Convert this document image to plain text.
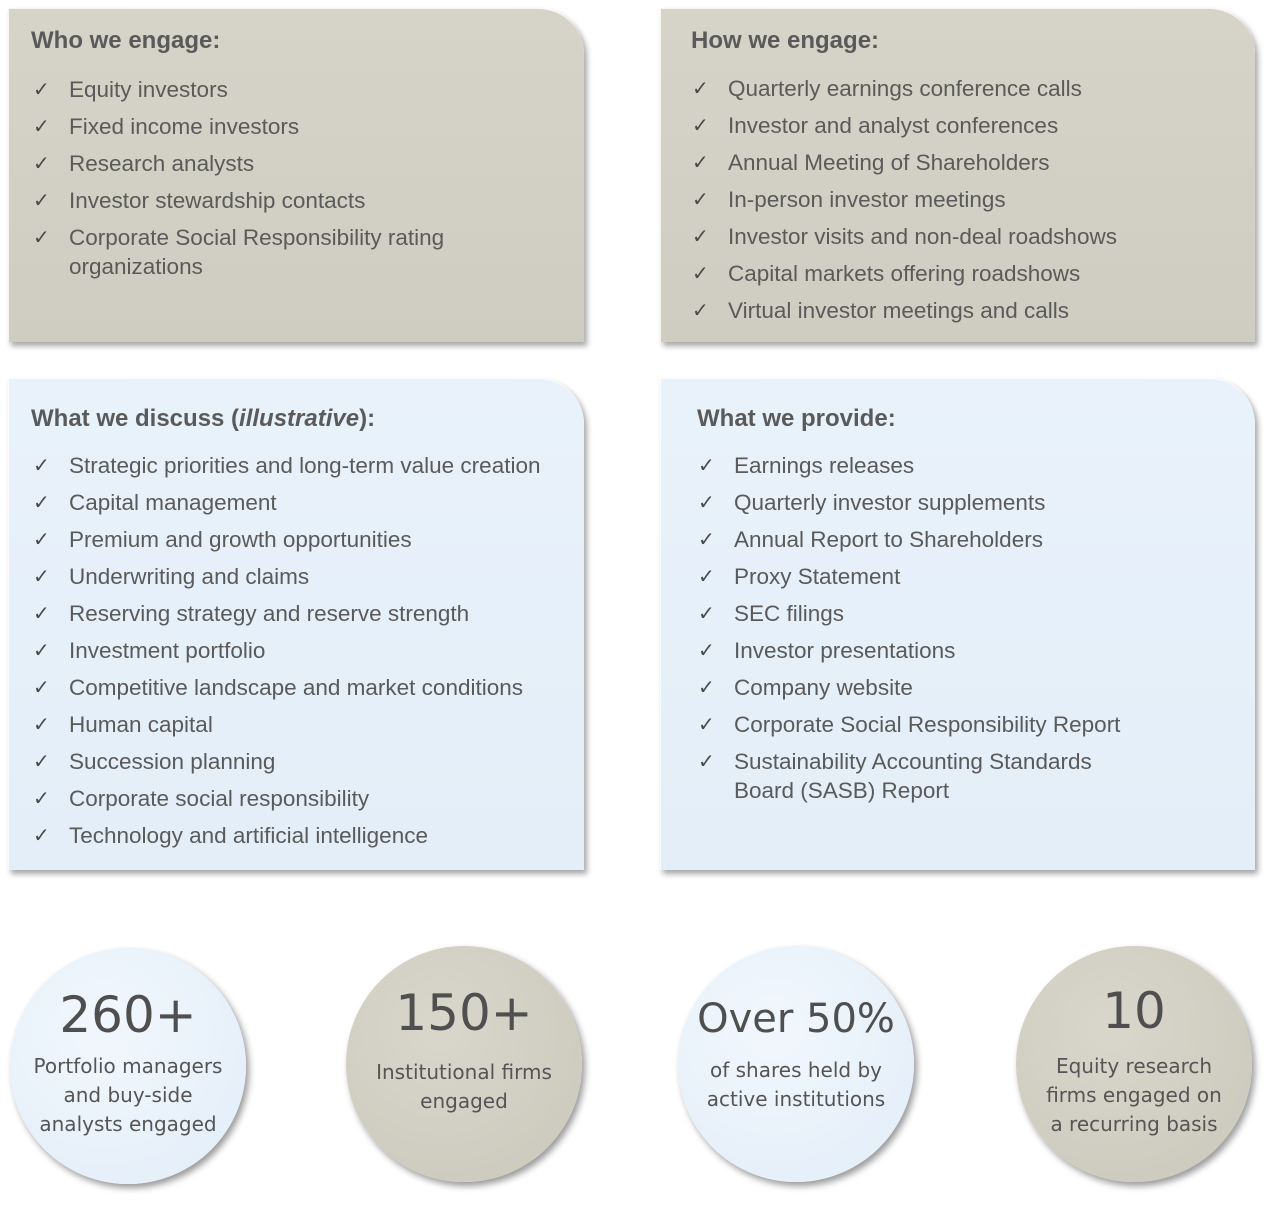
Who we engage:
✓ Equity investors
✓ Fixed income investors
✓ Research analysts
✓ Investor stewardship contacts
✓ Corporate Social Responsibility rating organizations
How we engage:
✓ Quarterly earnings conference calls
✓ Investor and analyst conferences
✓ Annual Meeting of Shareholders
✓ In-person investor meetings
✓ Investor visits and non-deal roadshows
✓ Capital markets offering roadshows
✓ Virtual investor meetings and calls
What we discuss (illustrative):
✓ Strategic priorities and long-term value creation
✓ Capital management
✓ Premium and growth opportunities
✓ Underwriting and claims
✓ Reserving strategy and reserve strength
✓ Investment portfolio
✓ Competitive landscape and market conditions
✓ Human capital
✓ Succession planning
✓ Corporate social responsibility
✓ Technology and artificial intelligence
What we provide:
✓ Earnings releases
✓ Quarterly investor supplements
✓ Annual Report to Shareholders
✓ Proxy Statement
✓ SEC filings
✓ Investor presentations
✓ Company website
✓ Corporate Social Responsibility Report
✓ Sustainability Accounting Standards Board (SASB) Report
260+
Portfolio managers
and buy-side
analysts engaged
150+
Institutional firms
engaged
Over 50%
of shares held by
active institutions
10
Equity research
firms engaged on
a recurring basis
